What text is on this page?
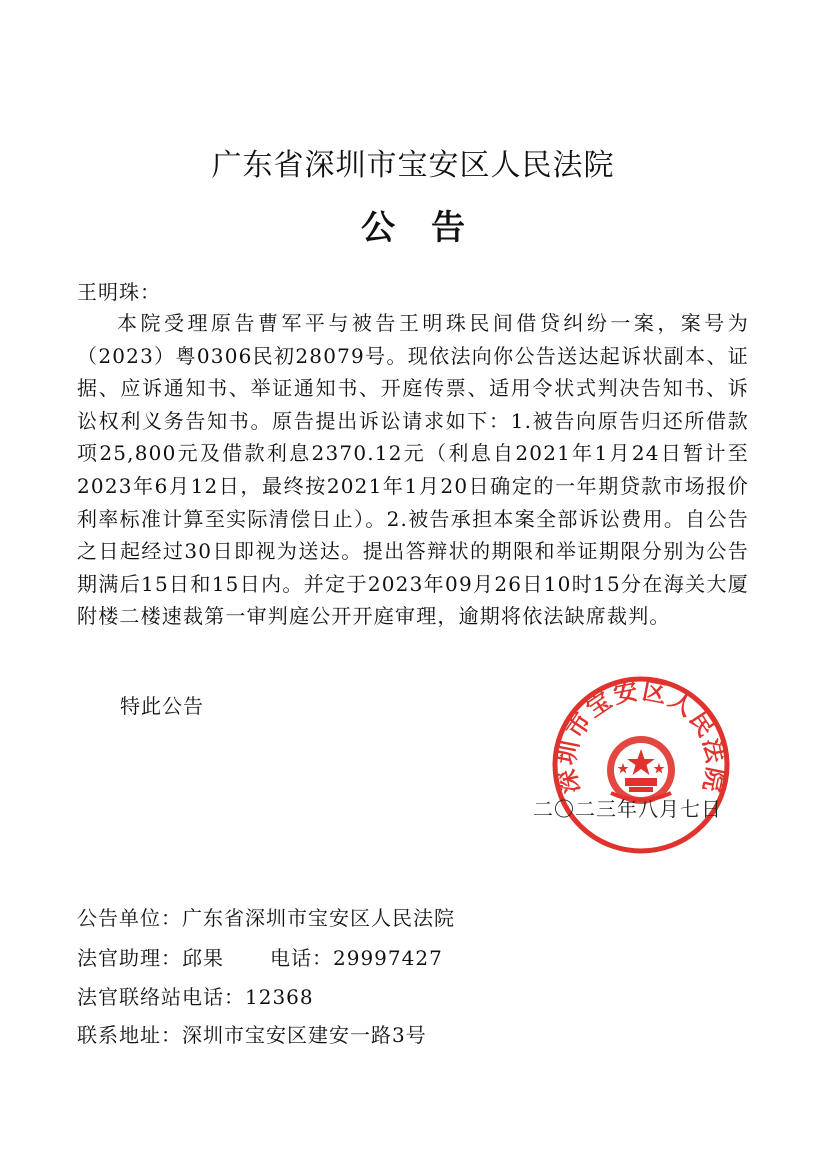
广东省深圳市宝安区人民法院
公告
王明珠：

本院受理原告曹军平与被告王明珠民间借贷纠纷一案，案号为（2023）粤0306民初28079号。现依法向你公告送达起诉状副本、证据、应诉通知书、举证通知书、开庭传票、适用令状式判决告知书、诉讼权利义务告知书。原告提出诉讼请求如下：1.被告向原告归还所借款项25,800元及借款利息2370.12元（利息自2021年1月24日暂计至2023年6月12日，最终按2021年1月20日确定的一年期贷款市场报价利率标准计算至实际清偿日止）。2.被告承担本案全部诉讼费用。自公告之日起经过30日即视为送达。提出答辩状的期限和举证期限分别为公告期满后15日和15日内。并定于2023年09月26日10时15分在海关大厦附楼二楼速裁第一审判庭公开开庭审理，逾期将依法缺席裁判。

特此公告
深圳市宝安区人民法院
二〇二三年八月七日
公告单位：广东省深圳市宝安区人民法院
法官助理：邱果 电话：29997427
法官联络站电话：12368
联系地址：深圳市宝安区建安一路3号
